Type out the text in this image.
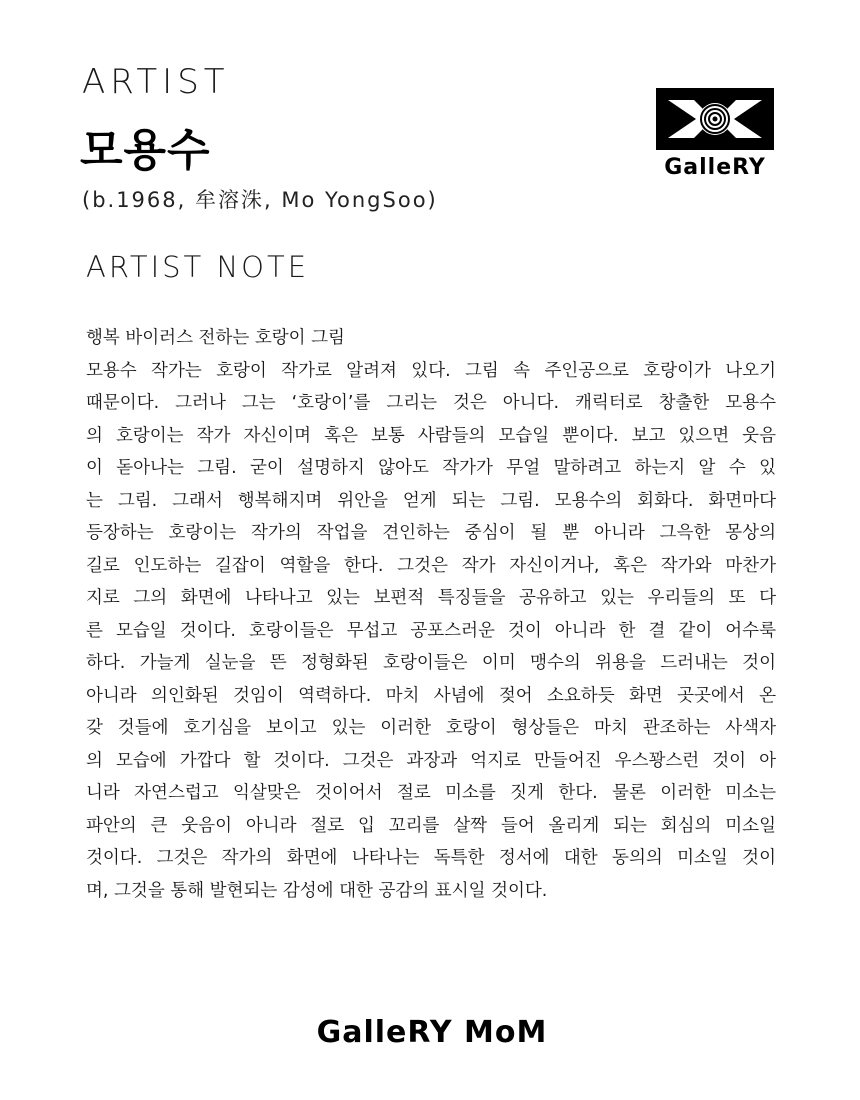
ARTIST
모용수
(b.1968, 牟溶洙, Mo YongSoo)
ARTIST NOTE
GalleRY
행복 바이러스 전하는 호랑이 그림
모용수 작가는 호랑이 작가로 알려져 있다. 그림 속 주인공으로 호랑이가 나오기
때문이다. 그러나 그는 ‘호랑이’를 그리는 것은 아니다. 캐릭터로 창출한 모용수
의 호랑이는 작가 자신이며 혹은 보통 사람들의 모습일 뿐이다. 보고 있으면 웃음
이 돋아나는 그림. 굳이 설명하지 않아도 작가가 무얼 말하려고 하는지 알 수 있
는 그림. 그래서 행복해지며 위안을 얻게 되는 그림. 모용수의 회화다. 화면마다
등장하는 호랑이는 작가의 작업을 견인하는 중심이 될 뿐 아니라 그윽한 몽상의
길로 인도하는 길잡이 역할을 한다. 그것은 작가 자신이거나, 혹은 작가와 마찬가
지로 그의 화면에 나타나고 있는 보편적 특징들을 공유하고 있는 우리들의 또 다
른 모습일 것이다. 호랑이들은 무섭고 공포스러운 것이 아니라 한 결 같이 어수룩
하다. 가늘게 실눈을 뜬 정형화된 호랑이들은 이미 맹수의 위용을 드러내는 것이
아니라 의인화된 것임이 역력하다. 마치 사념에 젖어 소요하듯 화면 곳곳에서 온
갖 것들에 호기심을 보이고 있는 이러한 호랑이 형상들은 마치 관조하는 사색자
의 모습에 가깝다 할 것이다. 그것은 과장과 억지로 만들어진 우스꽝스런 것이 아
니라 자연스럽고 익살맞은 것이어서 절로 미소를 짓게 한다. 물론 이러한 미소는
파안의 큰 웃음이 아니라 절로 입 꼬리를 살짝 들어 올리게 되는 회심의 미소일
것이다. 그것은 작가의 화면에 나타나는 독특한 정서에 대한 동의의 미소일 것이
며, 그것을 통해 발현되는 감성에 대한 공감의 표시일 것이다.
GalleRY MoM
